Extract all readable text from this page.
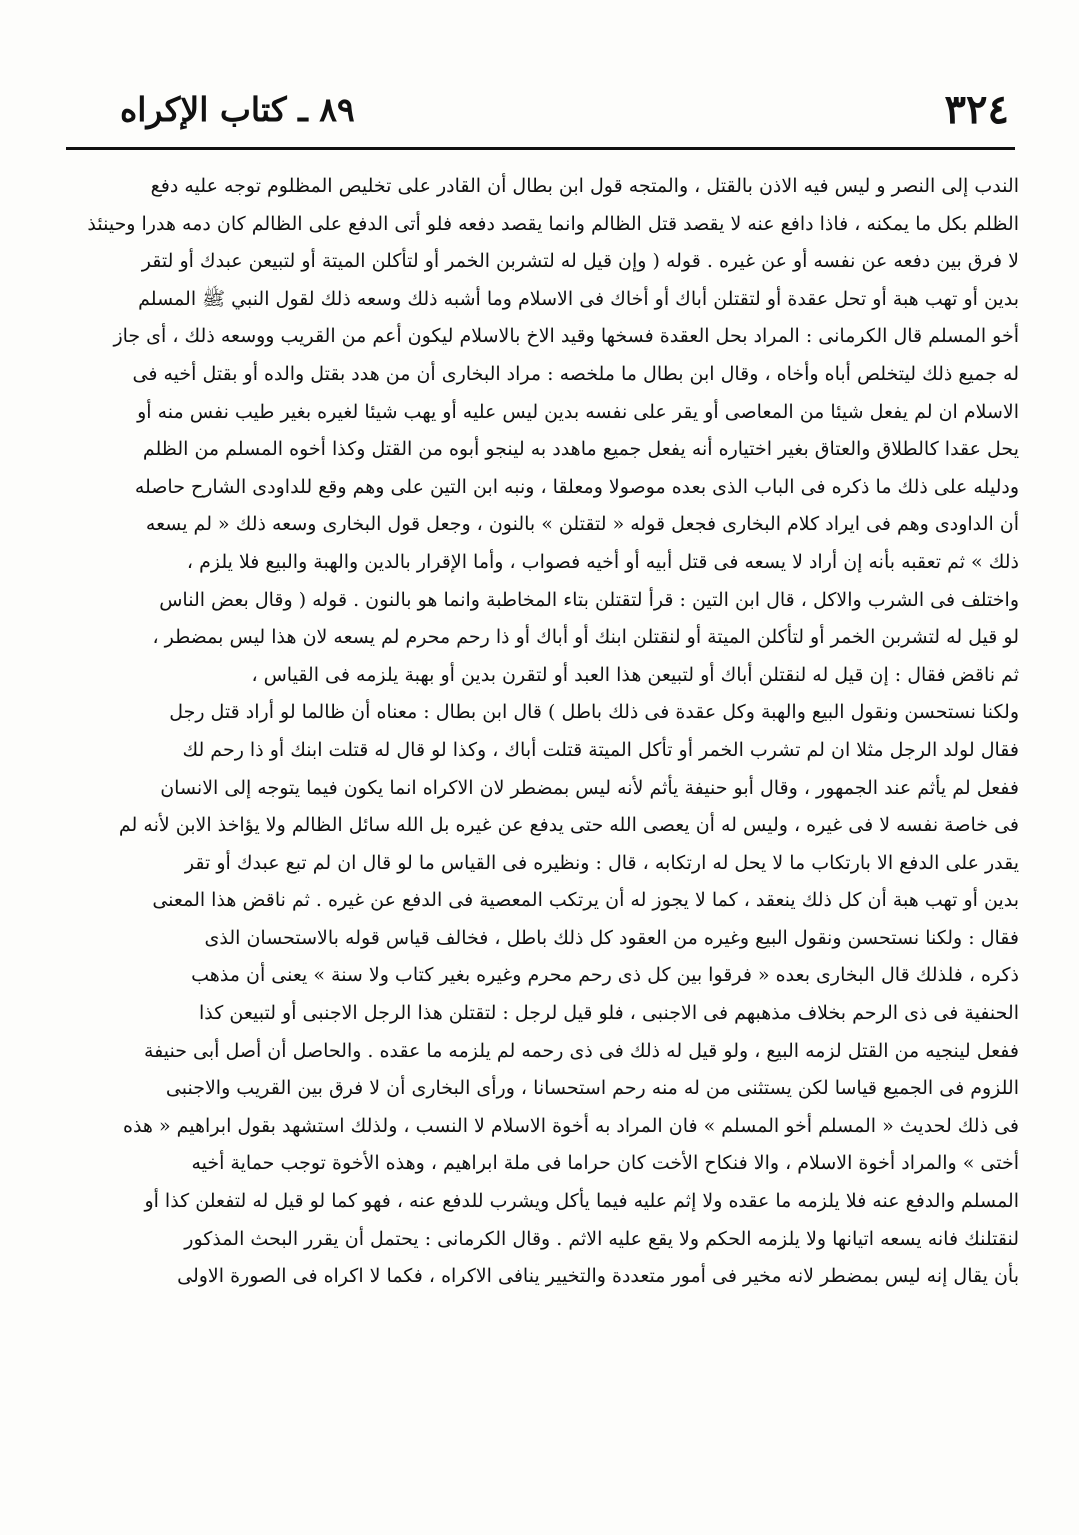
٣٢٤
٨٩ ـ كتاب الإكراه
الندب إلى النصر و ليس فيه الاذن بالقتل ، والمتجه قول ابن بطال أن القادر على تخليص المظلوم توجه عليه دفع
الظلم بكل ما يمكنه ، فاذا دافع عنه لا يقصد قتل الظالم وانما يقصد دفعه فلو أتى الدفع على الظالم كان دمه هدرا وحينئذ
لا فرق بين دفعه عن نفسه أو عن غيره . قوله ( وإن قيل له لتشربن الخمر أو لتأكلن الميتة أو لتبيعن عبدك أو لتقر
بدين أو تهب هبة أو تحل عقدة أو لتقتلن أباك أو أخاك فى الاسلام وما أشبه ذلك وسعه ذلك لقول النبي ﷺ المسلم
أخو المسلم قال الكرمانى : المراد بحل العقدة فسخها وقيد الاخ بالاسلام ليكون أعم من القريب ووسعه ذلك ، أى جاز
له جميع ذلك ليتخلص أباه وأخاه ، وقال ابن بطال ما ملخصه : مراد البخارى أن من هدد بقتل والده أو بقتل أخيه فى
الاسلام ان لم يفعل شيئا من المعاصى أو يقر على نفسه بدين ليس عليه أو يهب شيئا لغيره بغير طيب نفس منه أو
يحل عقدا كالطلاق والعتاق بغير اختياره أنه يفعل جميع ماهدد به لينجو أبوه من القتل وكذا أخوه المسلم من الظلم
ودليله على ذلك ما ذكره فى الباب الذى بعده موصولا ومعلقا ، ونبه ابن التين على وهم وقع للداودى الشارح حاصله
أن الداودى وهم فى ايراد كلام البخارى فجعل قوله « لتقتلن » بالنون ، وجعل قول البخارى وسعه ذلك « لم يسعه
ذلك » ثم تعقبه بأنه إن أراد لا يسعه فى قتل أبيه أو أخيه فصواب ، وأما الإقرار بالدين والهبة والبيع فلا يلزم ،
واختلف فى الشرب والاكل ، قال ابن التين : قرأ لتقتلن بتاء المخاطبة وانما هو بالنون . قوله ( وقال بعض الناس
لو قيل له لتشربن الخمر أو لتأكلن الميتة أو لنقتلن ابنك أو أباك أو ذا رحم محرم لم يسعه لان هذا ليس بمضطر ،
ثم ناقض فقال : إن قيل له لنقتلن أباك أو لتبيعن هذا العبد أو لتقرن بدين أو بهبة يلزمه فى القياس ،
ولكنا نستحسن ونقول البيع والهبة وكل عقدة فى ذلك باطل ) قال ابن بطال : معناه أن ظالما لو أراد قتل رجل
فقال لولد الرجل مثلا ان لم تشرب الخمر أو تأكل الميتة قتلت أباك ، وكذا لو قال له قتلت ابنك أو ذا رحم لك
ففعل لم يأثم عند الجمهور ، وقال أبو حنيفة يأثم لأنه ليس بمضطر لان الاكراه انما يكون فيما يتوجه إلى الانسان
فى خاصة نفسه لا فى غيره ، وليس له أن يعصى الله حتى يدفع عن غيره بل الله سائل الظالم ولا يؤاخذ الابن لأنه لم
يقدر على الدفع الا بارتكاب ما لا يحل له ارتكابه ، قال : ونظيره فى القياس ما لو قال ان لم تبع عبدك أو تقر
بدين أو تهب هبة أن كل ذلك ينعقد ، كما لا يجوز له أن يرتكب المعصية فى الدفع عن غيره . ثم ناقض هذا المعنى
فقال : ولكنا نستحسن ونقول البيع وغيره من العقود كل ذلك باطل ، فخالف قياس قوله بالاستحسان الذى
ذكره ، فلذلك قال البخارى بعده « فرقوا بين كل ذى رحم محرم وغيره بغير كتاب ولا سنة » يعنى أن مذهب
الحنفية فى ذى الرحم بخلاف مذهبهم فى الاجنبى ، فلو قيل لرجل : لتقتلن هذا الرجل الاجنبى أو لتبيعن كذا
ففعل لينجيه من القتل لزمه البيع ، ولو قيل له ذلك فى ذى رحمه لم يلزمه ما عقده . والحاصل أن أصل أبى حنيفة
اللزوم فى الجميع قياسا لكن يستثنى من له منه رحم استحسانا ، ورأى البخارى أن لا فرق بين القريب والاجنبى
فى ذلك لحديث « المسلم أخو المسلم » فان المراد به أخوة الاسلام لا النسب ، ولذلك استشهد بقول ابراهيم « هذه
أختى » والمراد أخوة الاسلام ، والا فنكاح الأخت كان حراما فى ملة ابراهيم ، وهذه الأخوة توجب حماية أخيه
المسلم والدفع عنه فلا يلزمه ما عقده ولا إثم عليه فيما يأكل ويشرب للدفع عنه ، فهو كما لو قيل له لتفعلن كذا أو
لنقتلنك فانه يسعه اتيانها ولا يلزمه الحكم ولا يقع عليه الاثم . وقال الكرمانى : يحتمل أن يقرر البحث المذكور
بأن يقال إنه ليس بمضطر لانه مخير فى أمور متعددة والتخيير ينافى الاكراه ، فكما لا اكراه فى الصورة الاولى
